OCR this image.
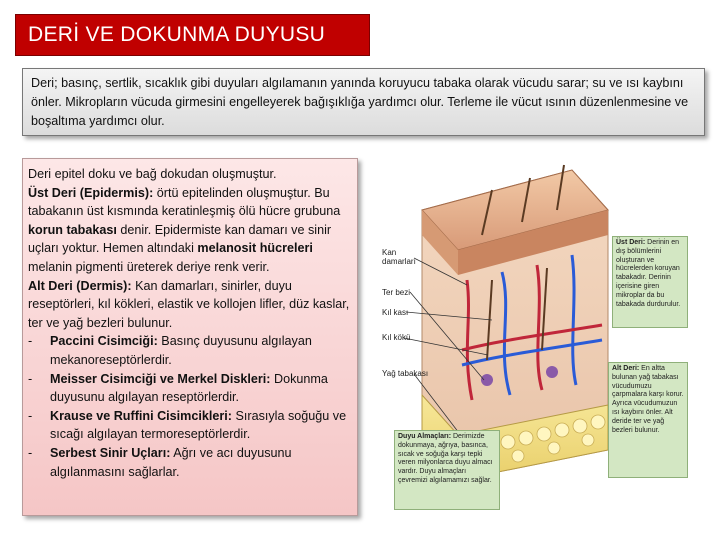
DERİ VE DOKUNMA DUYUSU
Deri; basınç, sertlik, sıcaklık gibi duyuları algılamanın yanında koruyucu tabaka olarak vücudu sarar; su ve ısı kaybını önler. Mikropların vücuda girmesini engelleyerek bağışıklığa yardımcı olur. Terleme ile vücut ısının düzenlenmesine ve boşaltıma yardımcı olur.

Deri epitel doku ve bağ dokudan oluşmuştur.

Üst Deri (Epidermis): örtü epitelinden oluşmuştur. Bu tabakanın üst kısmında keratinleşmiş ölü hücre grubuna korun tabakası denir. Epidermiste kan damarı ve sinir uçları yoktur. Hemen altındaki melanosit hücreleri melanin pigmenti üreterek deriye renk verir.

Alt Deri (Dermis): Kan damarları, sinirler, duyu reseptörleri, kıl kökleri, elastik ve kollojen lifler, düz kaslar, ter ve yağ bezleri bulunur.

-	Paccini Cisimciği: Basınç duyusunu algılayan mekanoreseptörlerdir.
-	Meisser Cisimciği ve Merkel Diskleri: Dokunma duyusunu algılayan reseptörlerdir.
-	Krause ve Ruffini Cisimcikleri: Sırasıyla soğuğu ve sıcağı algılayan termoreseptörlerdir.
-	Serbest Sinir Uçları: Ağrı ve acı duyusunu algılanmasını sağlarlar.
Kan
damarları
Ter bezi
Kıl kası
Kıl kökü
Yağ tabakası
Üst Deri: Derinin en dış bölümlerini oluşturan ve hücrelerden koruyan tabakadır. Derinin içerisine giren mikroplar da bu tabakada durdurulur.
Alt Deri: En altta bulunan yağ tabakası vücudumuzu çarpmalara karşı korur. Ayrıca vücudumuzun ısı kaybını önler. Alt deride ter ve yağ bezleri bulunur.
Duyu Almaçları: Derimizde dokunmaya, ağrıya, basınca, sıcak ve soğuğa karşı tepki veren milyonlarca duyu almacı vardır. Duyu almaçları çevremizi algılamamızı sağlar.
